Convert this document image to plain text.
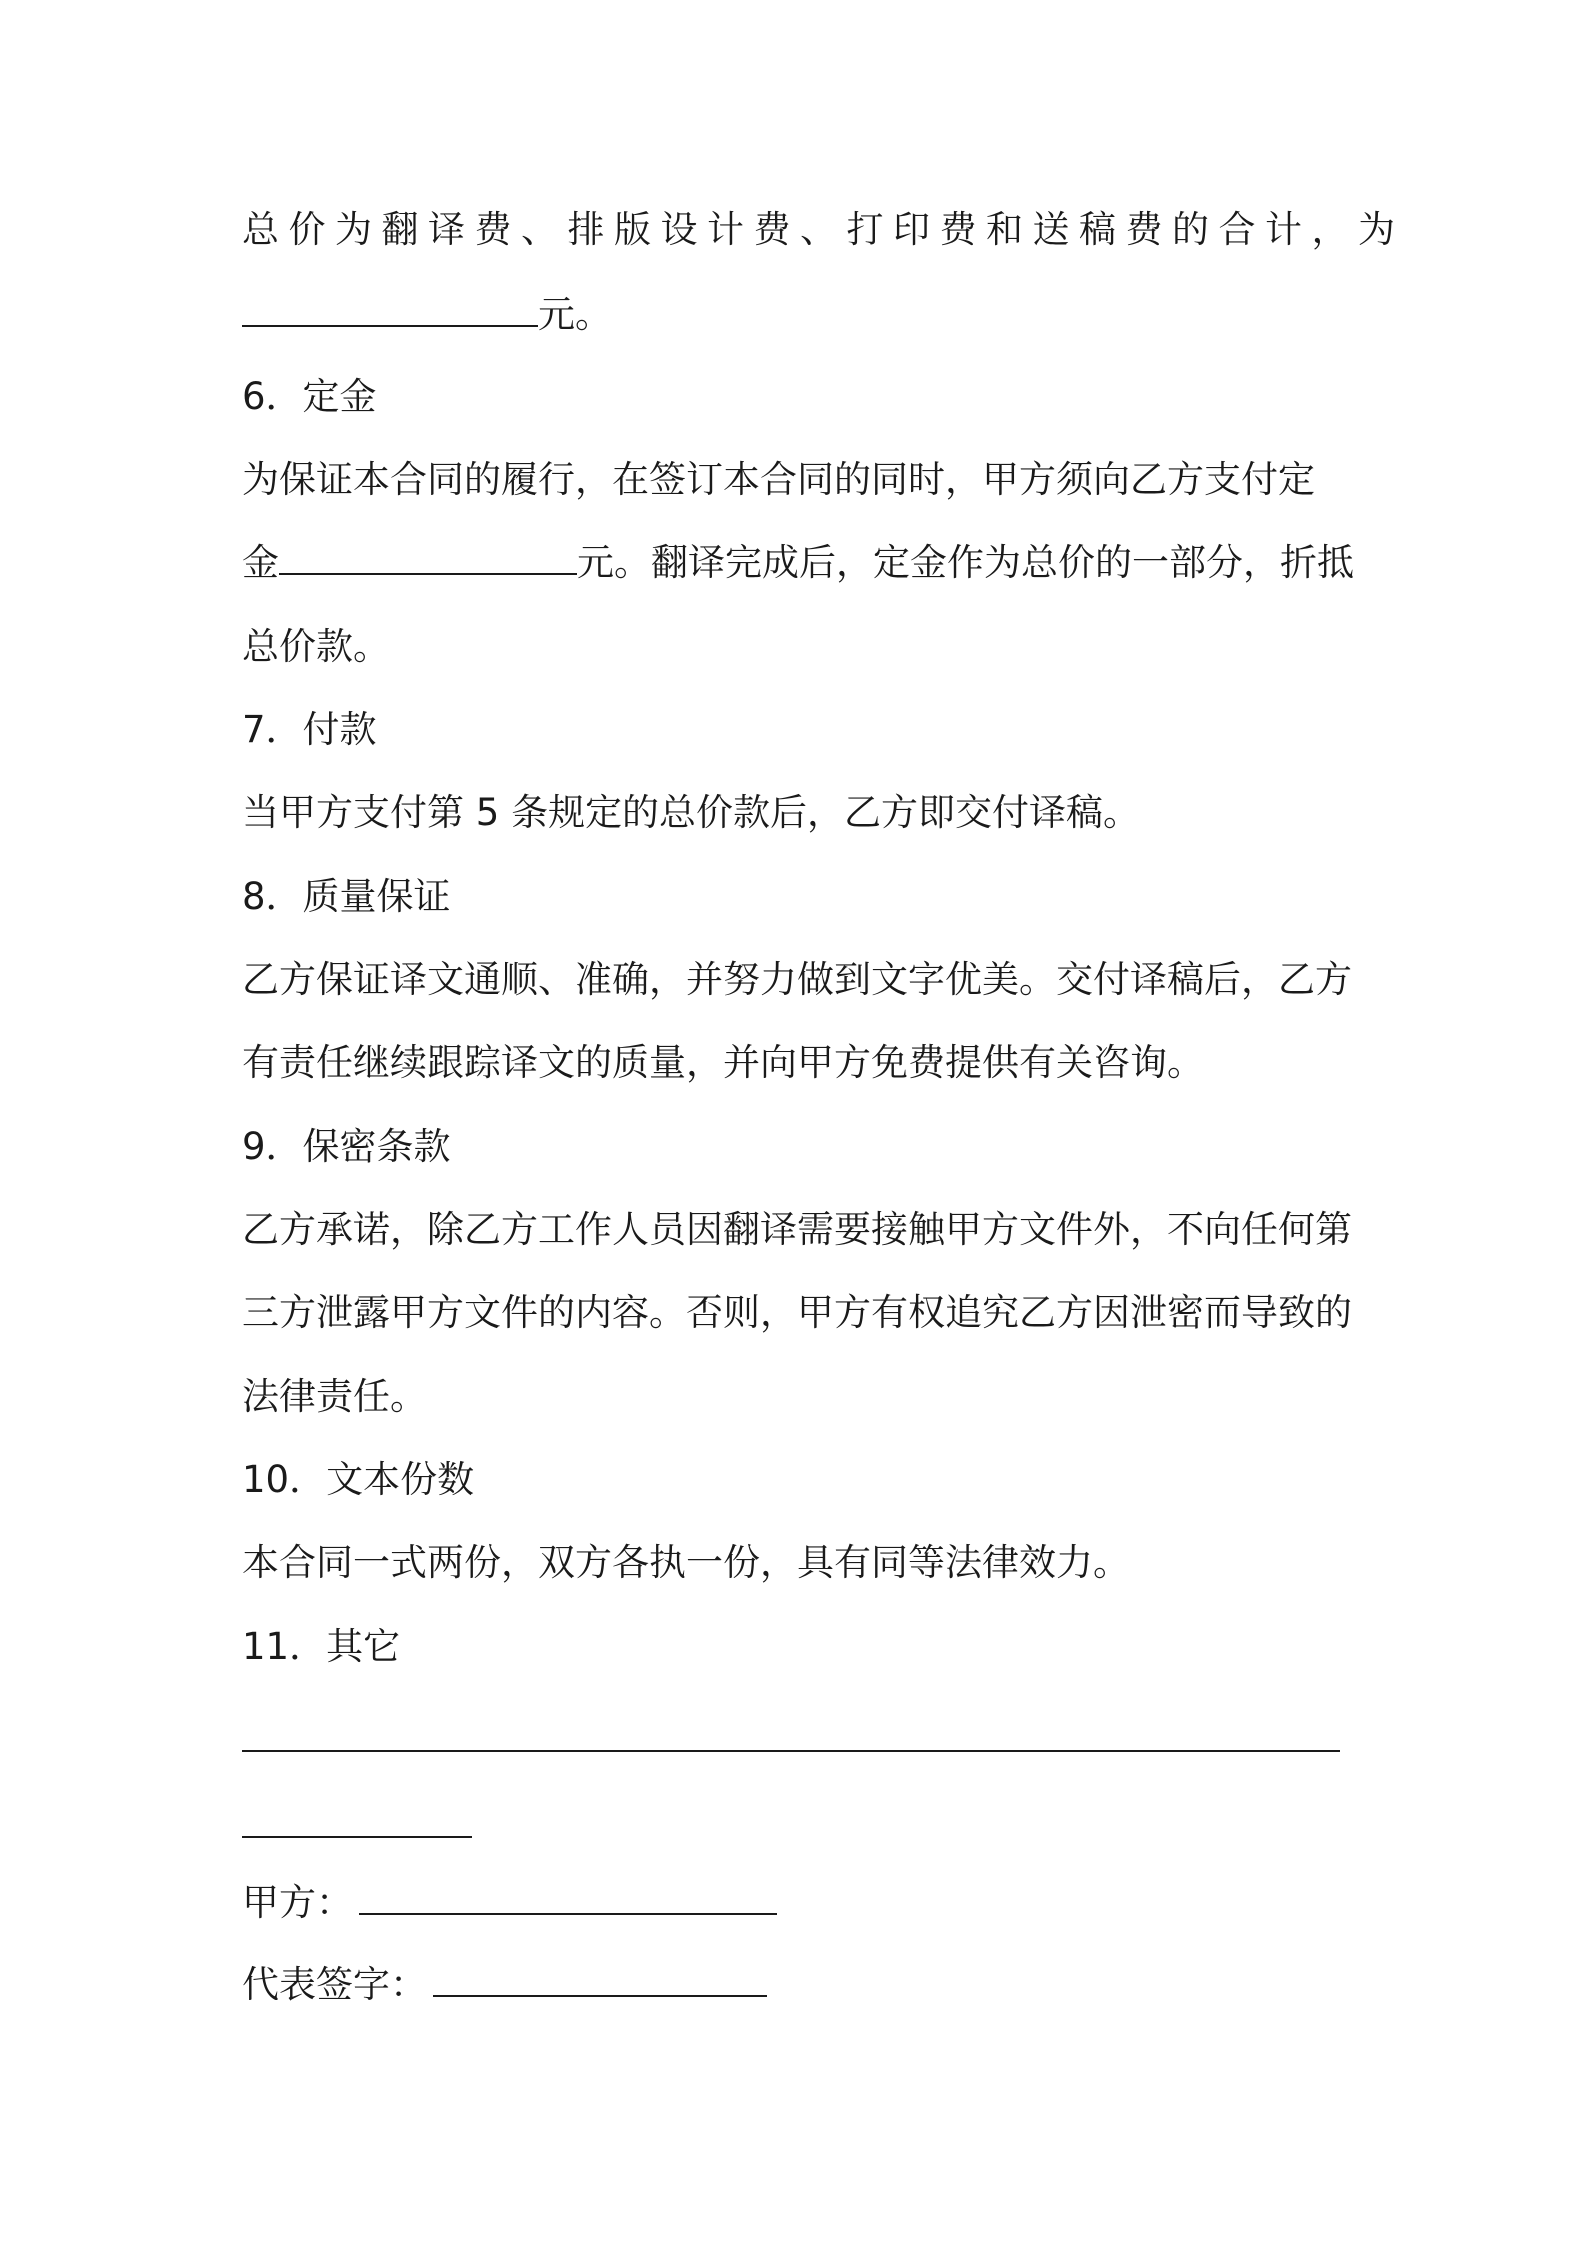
总价为翻译费、排版设计费、打印费和送稿费的合计，为

元。

6．定金

为保证本合同的履行，在签订本合同的同时，甲方须向乙方支付定

金	元。翻译完成后，定金作为总价的一部分，折抵

总价款。

7．付款

当甲方支付第 5 条规定的总价款后，乙方即交付译稿。

8．质量保证

乙方保证译文通顺、准确，并努力做到文字优美。交付译稿后，乙方

有责任继续跟踪译文的质量，并向甲方免费提供有关咨询。

9．保密条款

乙方承诺，除乙方工作人员因翻译需要接触甲方文件外，不向任何第

三方泄露甲方文件的内容。否则，甲方有权追究乙方因泄密而导致的

法律责任。

10．文本份数

本合同一式两份，双方各执一份，具有同等法律效力。

11．其它

甲方：

代表签字：
